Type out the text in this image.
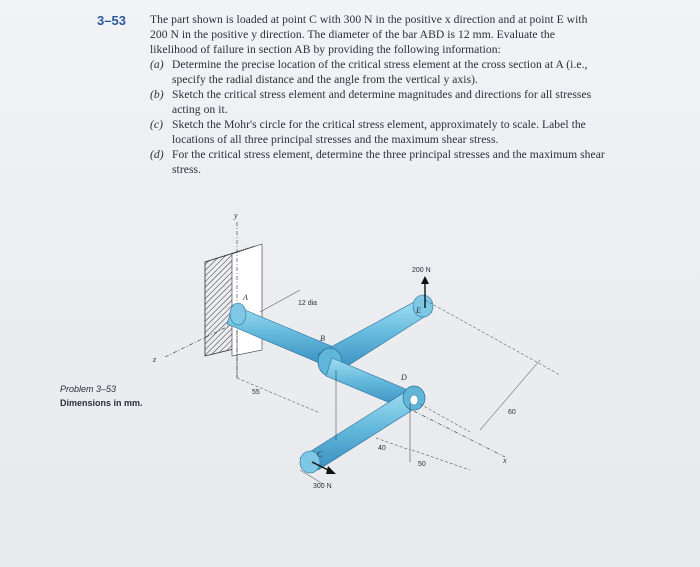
3–53 The part shown is loaded at point C with 300 N in the positive x direction and at point E with 200 N in the positive y direction. The diameter of the bar ABD is 12 mm. Evaluate the likelihood of failure in section AB by providing the following information:

(a) Determine the precise location of the critical stress element at the cross section at A (i.e., specify the radial distance and the angle from the vertical y axis).
(b) Sketch the critical stress element and determine magnitudes and directions for all stresses acting on it.
(c) Sketch the Mohr's circle for the critical stress element, approximately to scale. Label the locations of all three principal stresses and the maximum shear stress.
(d) For the critical stress element, determine the three principal stresses and the maximum shear stress.
Problem 3–53
Dimensions in mm.
y
z
x
200 N
300 N
12 dia
A
B
D
E
C
55
40
50
60
